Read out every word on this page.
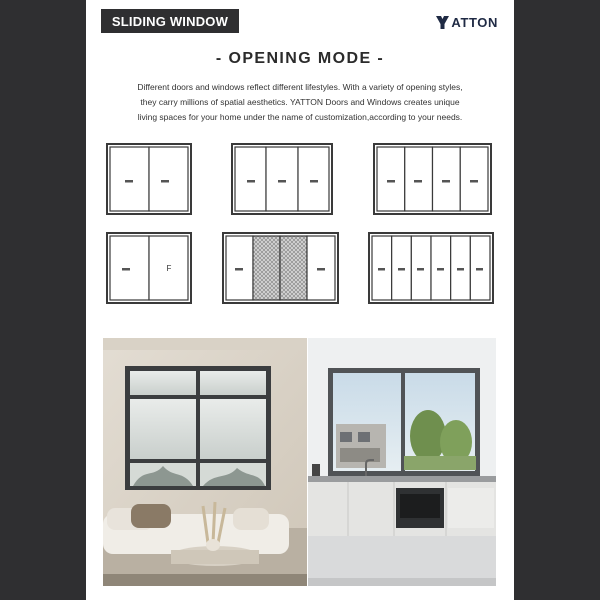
SLIDING WINDOW	ATTON
- OPENING MODE -
Different doors and windows reflect different lifestyles. With a variety of opening styles,
they carry millions of spatial aesthetics. YATTON Doors and Windows creates unique
living spaces for your home under the name of customization,according to your needs.
F
